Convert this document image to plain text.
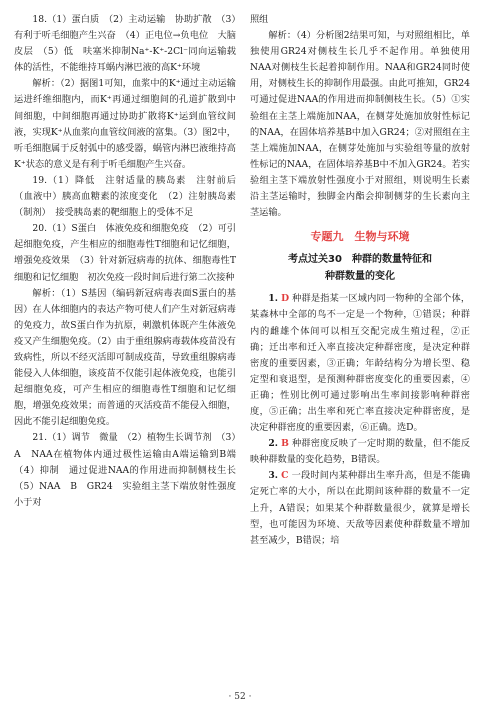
18.（1）蛋白质　（2）主动运输　协助扩散　（3）有利于听毛细胞产生兴奋　（4）正电位→负电位　大脑皮层　（5）低　呋塞米抑制Na⁺-K⁺-2Cl⁻同向运输载体的活性，不能维持耳蜗内淋巴液的高K⁺环境

解析：（2）据图1可知，血浆中的K⁺通过主动运输运进纤维细胞内，而K⁺再通过细胞间的孔道扩散到中间细胞，中间细胞再通过协助扩散将K⁺运到血管纹间液，实现K⁺从血浆向血管纹间液的富集。（3）图2中，听毛细胞属于反射弧中的感受器，蜗管内淋巴液维持高K⁺状态的意义是有利于听毛细胞产生兴奋。

19.（1）降低　注射适量的胰岛素　注射前后（血液中）胰高血糖素的浓度变化　（2）注射胰岛素（制剂）　接受胰岛素的靶细胞上的受体不足

20.（1）S蛋白　体液免疫和细胞免疫　（2）可引起细胞免疫，产生相应的细胞毒性T细胞和记忆细胞，增强免疫效果　（3）针对新冠病毒的抗体、细胞毒性T细胞和记忆细胞　初次免疫一段时间后进行第二次接种

解析：（1）S基因（编码新冠病毒表面S蛋白的基因）在人体细胞内的表达产物可使人们产生对新冠病毒的免疫力，故S蛋白作为抗原，刺激机体既产生体液免疫又产生细胞免疫。（2）由于重组腺病毒载体疫苗没有致病性，所以不经灭活即可制成疫苗，导致重组腺病毒能侵入人体细胞，该疫苗不仅能引起体液免疫，也能引起细胞免疫，可产生相应的细胞毒性T细胞和记忆细胞，增强免疫效果；而普通的灭活疫苗不能侵入细胞，因此不能引起细胞免疫。

21.（1）调节　微量　（2）植物生长调节剂　（3）A　NAA在植物体内通过极性运输由A端运输到B端　（4）抑制　通过促进NAA的作用进而抑制侧枝生长　（5）NAA　B　GR24　实验组主茎下端放射性强度小于对

照组

解析：（4）分析图2结果可知，与对照组相比，单独使用GR24对侧枝生长几乎不起作用。单独使用NAA对侧枝生长起着抑制作用。NAA和GR24同时使用，对侧枝生长的抑制作用最强。由此可推知，GR24可通过促进NAA的作用进而抑制侧枝生长。（5）①实验组在主茎上端施加NAA，在侧芽处施加放射性标记的NAA，在固体培养基B中加入GR24；②对照组在主茎上端施加NAA，在侧芽处施加与实验组等量的放射性标记的NAA，在固体培养基B中不加入GR24。若实验组主茎下端放射性强度小于对照组，则说明生长素沿主茎运输时，独脚金内酯会抑制侧芽的生长素向主茎运输。

专题九　生物与环境
考点过关30　种群的数量特征和
种群数量的变化

1. D 种群是指某一区域内同一物种的全部个体，某森林中全部的鸟不一定是一个物种，①错误；种群内的雌雄个体间可以相互交配完成生殖过程，②正确；迁出率和迁入率直接决定种群密度，是决定种群密度的重要因素，③正确；年龄结构分为增长型、稳定型和衰退型，是预测种群密度变化的重要因素，④正确；性别比例可通过影响出生率间接影响种群密度，⑤正确；出生率和死亡率直接决定种群密度，是决定种群密度的重要因素，⑥正确。选D。

2. B 种群密度反映了一定时期的数量，但不能反映种群数量的变化趋势，B错误。

3. C 一段时间内某种群出生率升高，但是不能确定死亡率的大小，所以在此期间该种群的数量不一定上升，A错误；如果某个种群数量很少，就算是增长型，也可能因为环境、天敌等因素使种群数量不增加甚至减少，B错误；培

· 52 ·
